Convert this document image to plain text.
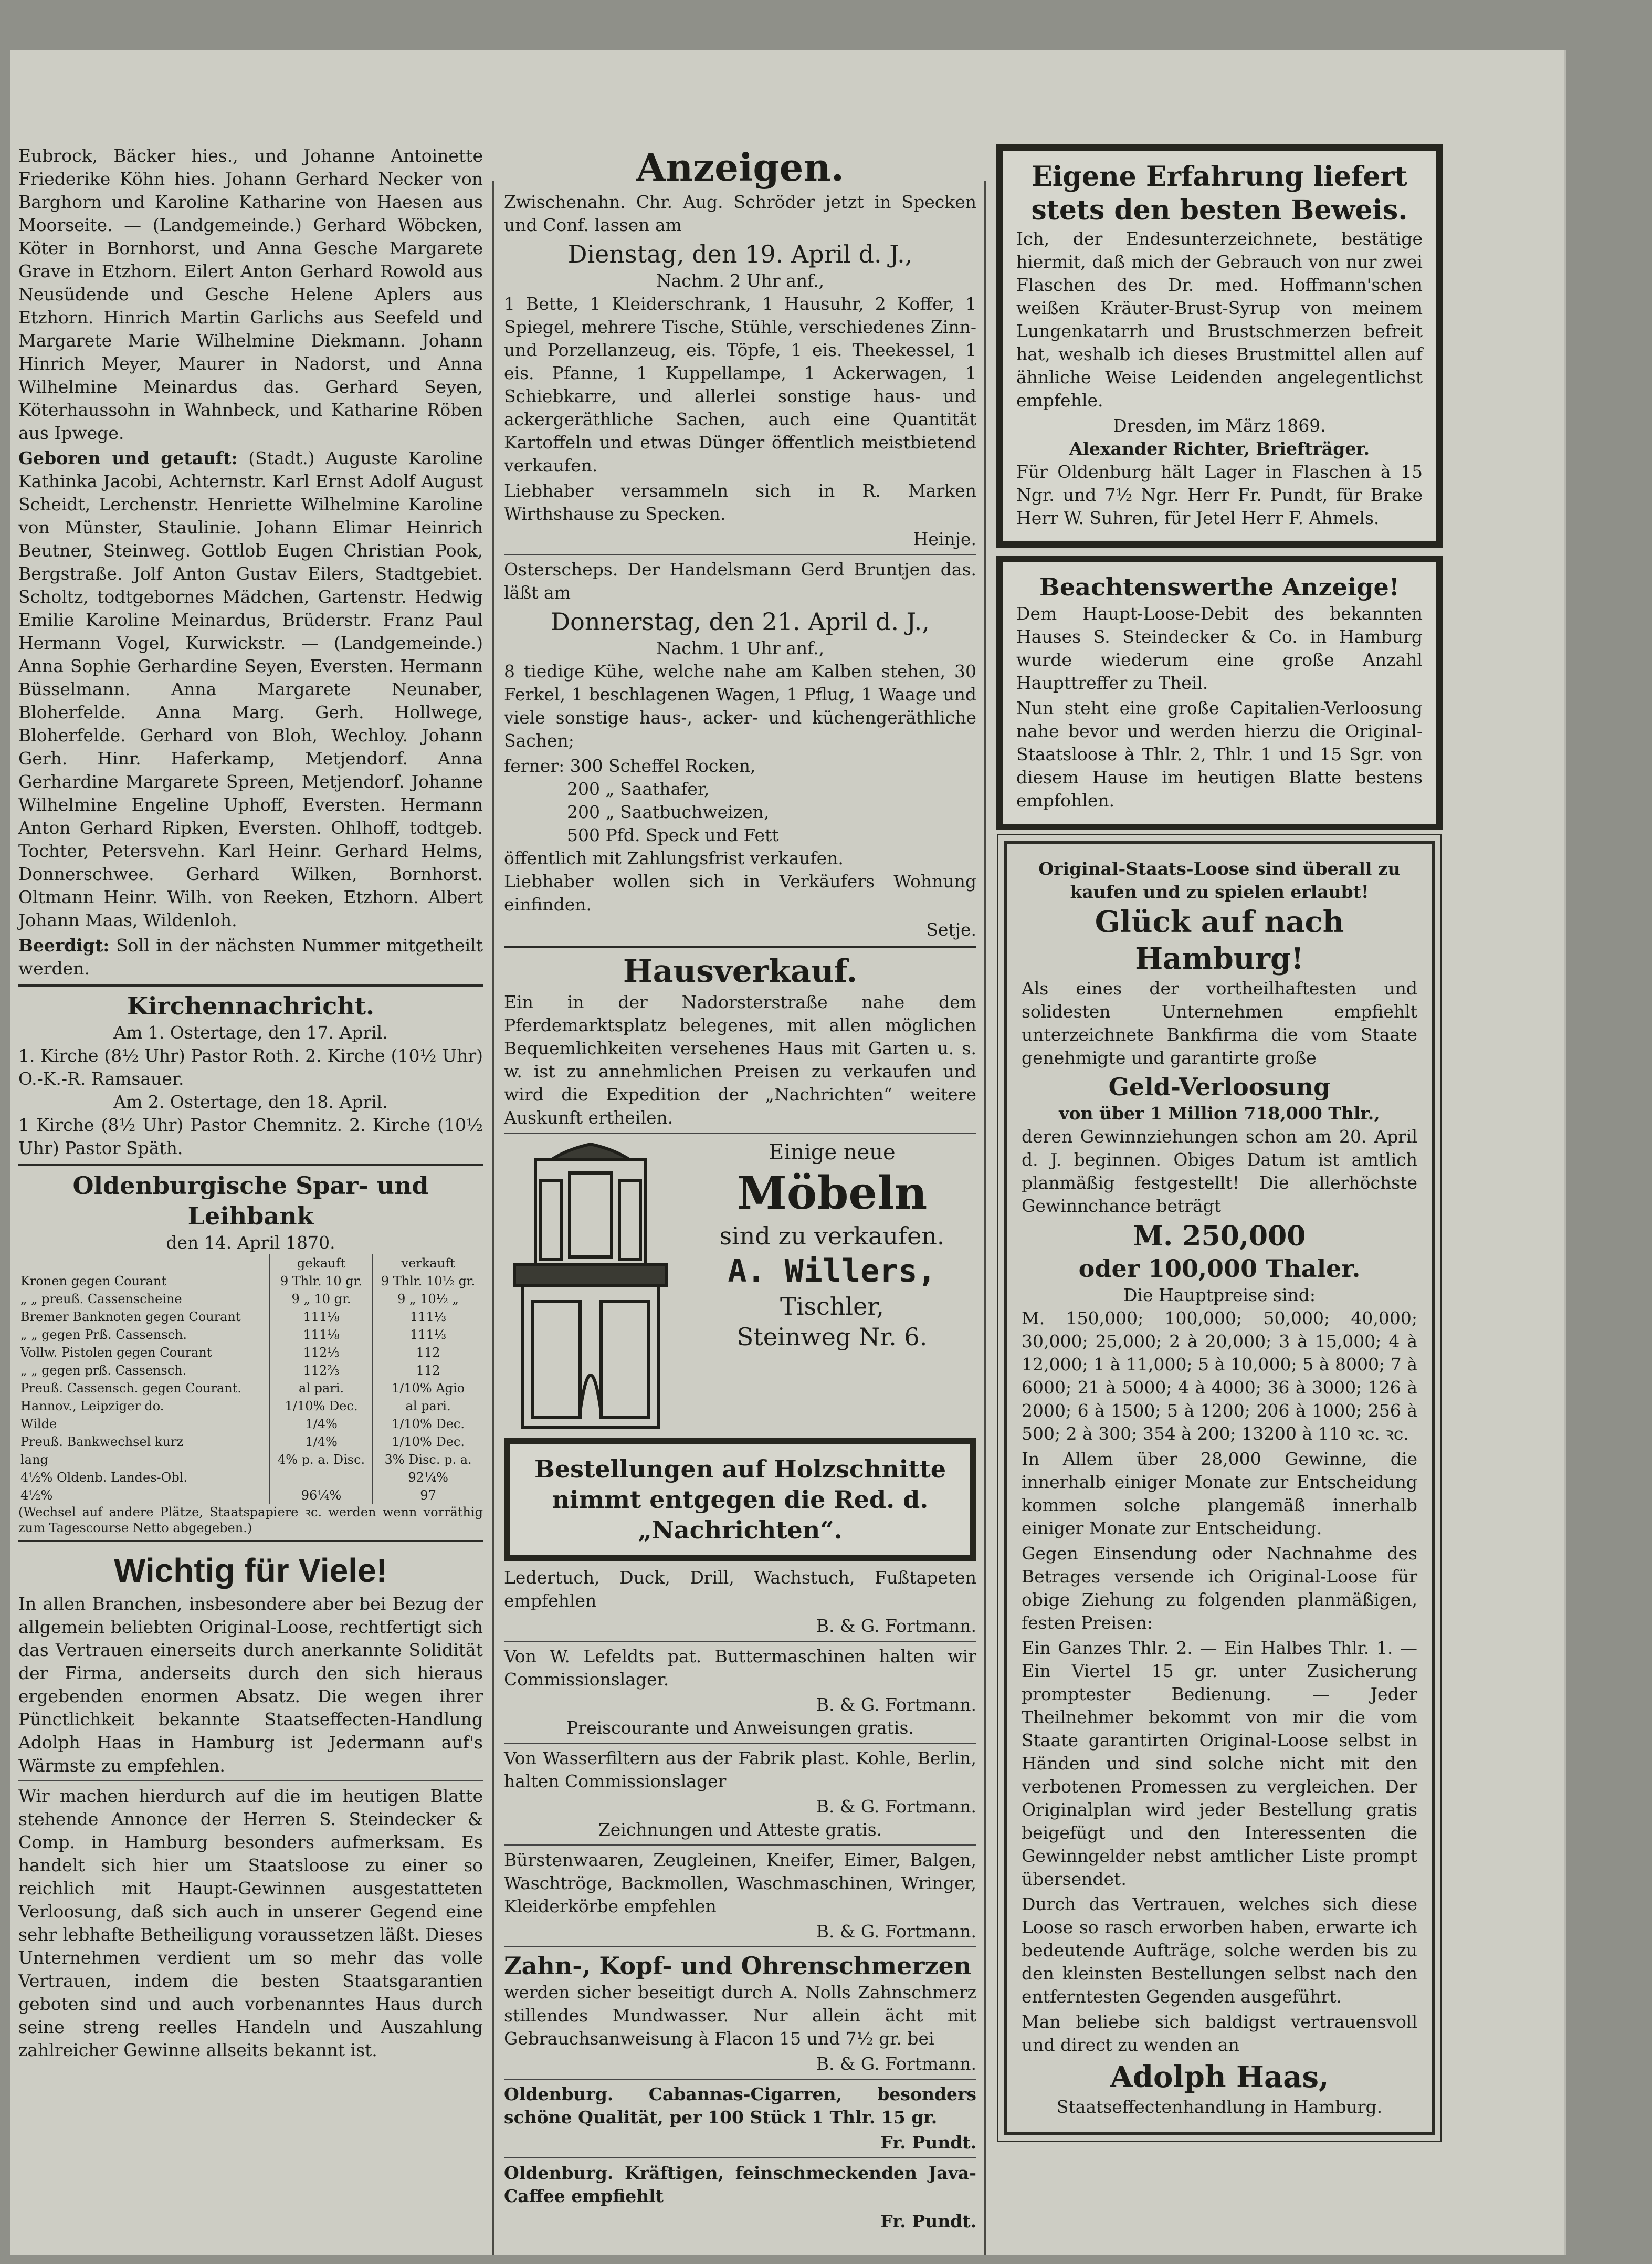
Eubrock, Bäcker hies., und Johanne Antoinette Friederike Köhn hies. Johann Gerhard Necker von Barghorn und Karoline Katharine von Haesen aus Moorseite. — (Landgemeinde.) Gerhard Wöbcken, Köter in Bornhorst, und Anna Gesche Margarete Grave in Etzhorn. Eilert Anton Gerhard Rowold aus Neusüdende und Gesche Helene Aplers aus Etzhorn. Hinrich Martin Garlichs aus Seefeld und Margarete Marie Wilhelmine Diekmann. Johann Hinrich Meyer, Maurer in Nadorst, und Anna Wilhelmine Meinardus das. Gerhard Seyen, Köterhaussohn in Wahnbeck, und Katharine Röben aus Ipwege.

Geboren und getauft: (Stadt.) Auguste Karoline Kathinka Jacobi, Achternstr. Karl Ernst Adolf August Scheidt, Lerchenstr. Henriette Wilhelmine Karoline von Münster, Staulinie. Johann Elimar Heinrich Beutner, Steinweg. Gottlob Eugen Christian Pook, Bergstraße. Jolf Anton Gustav Eilers, Stadtgebiet. Scholtz, todtgebornes Mädchen, Gartenstr. Hedwig Emilie Karoline Meinardus, Brüderstr. Franz Paul Hermann Vogel, Kurwickstr. — (Landgemeinde.) Anna Sophie Gerhardine Seyen, Eversten. Hermann Büsselmann. Anna Margarete Neunaber, Bloherfelde. Anna Marg. Gerh. Hollwege, Bloherfelde. Gerhard von Bloh, Wechloy. Johann Gerh. Hinr. Haferkamp, Metjendorf. Anna Gerhardine Margarete Spreen, Metjendorf. Johanne Wilhelmine Engeline Uphoff, Eversten. Hermann Anton Gerhard Ripken, Eversten. Ohlhoff, todtgeb. Tochter, Petersvehn. Karl Heinr. Gerhard Helms, Donnerschwee. Gerhard Wilken, Bornhorst. Oltmann Heinr. Wilh. von Reeken, Etzhorn. Albert Johann Maas, Wildenloh.

Beerdigt: Soll in der nächsten Nummer mitgetheilt werden.

Kirchennachricht.
Am 1. Ostertage, den 17. April.
1. Kirche (8½ Uhr) Pastor Roth. 2. Kirche (10½ Uhr) O.-K.-R. Ramsauer.
Am 2. Ostertage, den 18. April.
1 Kirche (8½ Uhr) Pastor Chemnitz. 2. Kirche (10½ Uhr) Pastor Späth.
Oldenburgische Spar- und Leihbank
den 14. April 1870.
	gekauft	verkauft
Kronen gegen Courant	9 Thlr. 10 gr.	9 Thlr. 10½ gr.
„ „ preuß. Cassenscheine	9 „ 10 gr.	9 „ 10½ „
Bremer Banknoten gegen Courant	111⅛	111⅓
„ „ gegen Prß. Cassensch.	111⅛	111⅓
Vollw. Pistolen gegen Courant	112⅓	112
„ „ gegen prß. Cassensch.	112⅔	112
Preuß. Cassensch. gegen Courant.	al pari.	1/10% Agio
Hannov., Leipziger do.	1/10% Dec.	al pari.
Wilde	1/4%	1/10% Dec.
Preuß. Bankwechsel kurz	1/4%	1/10% Dec.
lang	4% p. a. Disc.	3% Disc. p. a.
4½% Oldenb. Landes-Obl.		92¼%
4½%	96¼%	97
(Wechsel auf andere Plätze, Staatspapiere ꝛc. werden wenn vorräthig zum Tagescourse Netto abgegeben.)
Wichtig für Viele!

In allen Branchen, insbesondere aber bei Bezug der allgemein beliebten Original-Loose, rechtfertigt sich das Vertrauen einerseits durch anerkannte Solidität der Firma, anderseits durch den sich hieraus ergebenden enormen Absatz. Die wegen ihrer Pünctlichkeit bekannte Staatseffecten-Handlung Adolph Haas in Hamburg ist Jedermann auf's Wärmste zu empfehlen.

Wir machen hierdurch auf die im heutigen Blatte stehende Annonce der Herren S. Steindecker & Comp. in Hamburg besonders aufmerksam. Es handelt sich hier um Staatsloose zu einer so reichlich mit Haupt-Gewinnen ausgestatteten Verloosung, daß sich auch in unserer Gegend eine sehr lebhafte Betheiligung voraussetzen läßt. Dieses Unternehmen verdient um so mehr das volle Vertrauen, indem die besten Staatsgarantien geboten sind und auch vorbenanntes Haus durch seine streng reelles Handeln und Auszahlung zahlreicher Gewinne allseits bekannt ist.

Anzeigen.

Zwischenahn. Chr. Aug. Schröder jetzt in Specken und Conf. lassen am

Dienstag, den 19. April d. J.,
Nachm. 2 Uhr anf.,

1 Bette, 1 Kleiderschrank, 1 Hausuhr, 2 Koffer, 1 Spiegel, mehrere Tische, Stühle, verschiedenes Zinn- und Porzellanzeug, eis. Töpfe, 1 eis. Theekessel, 1 eis. Pfanne, 1 Kuppellampe, 1 Ackerwagen, 1 Schiebkarre, und allerlei sonstige haus- und ackergeräthliche Sachen, auch eine Quantität Kartoffeln und etwas Dünger öffentlich meistbietend verkaufen.

Liebhaber versammeln sich in R. Marken Wirthshause zu Specken.

Heinje.

Osterscheps. Der Handelsmann Gerd Bruntjen das. läßt am

Donnerstag, den 21. April d. J.,
Nachm. 1 Uhr anf.,

8 tiedige Kühe, welche nahe am Kalben stehen, 30 Ferkel, 1 beschlagenen Wagen, 1 Pflug, 1 Waage und viele sonstige haus-, acker- und küchengeräthliche Sachen;

ferner: 300 Scheffel Rocken,
200 „ Saathafer,
200 „ Saatbuchweizen,
500 Pfd. Speck und Fett
öffentlich mit Zahlungsfrist verkaufen.

Liebhaber wollen sich in Verkäufers Wohnung einfinden.

Setje.
Hausverkauf.

Ein in der Nadorsterstraße nahe dem Pferdemarktsplatz belegenes, mit allen möglichen Bequemlichkeiten versehenes Haus mit Garten u. s. w. ist zu annehmlichen Preisen zu verkaufen und wird die Expedition der „Nachrichten“ weitere Auskunft ertheilen.

Einige neue
Möbeln
sind zu verkaufen.
A. Willers,
Tischler,
Steinweg Nr. 6.
Bestellungen auf Holzschnitte nimmt entgegen die Red. d. „Nachrichten“.

Ledertuch, Duck, Drill, Wachstuch, Fußtapeten empfehlen

B. & G. Fortmann.

Von W. Lefeldts pat. Buttermaschinen halten wir Commissionslager.

B. & G. Fortmann.
Preiscourante und Anweisungen gratis.

Von Wasserfiltern aus der Fabrik plast. Kohle, Berlin, halten Commissionslager

B. & G. Fortmann.
Zeichnungen und Atteste gratis.

Bürstenwaaren, Zeugleinen, Kneifer, Eimer, Balgen, Waschtröge, Backmollen, Waschmaschinen, Wringer, Kleiderkörbe empfehlen

B. & G. Fortmann.
Zahn-, Kopf- und Ohrenschmerzen

werden sicher beseitigt durch A. Nolls Zahnschmerz stillendes Mundwasser. Nur allein ächt mit Gebrauchsanweisung à Flacon 15 und 7½ gr. bei

B. & G. Fortmann.

Oldenburg. Cabannas-Cigarren, besonders schöne Qualität, per 100 Stück 1 Thlr. 15 gr.

Fr. Pundt.

Oldenburg. Kräftigen, feinschmeckenden Java-Caffee empfiehlt

Fr. Pundt.
Eigene Erfahrung liefert stets den besten Beweis.

Ich, der Endesunterzeichnete, bestätige hiermit, daß mich der Gebrauch von nur zwei Flaschen des Dr. med. Hoffmann'schen weißen Kräuter-Brust-Syrup von meinem Lungenkatarrh und Brustschmerzen befreit hat, weshalb ich dieses Brustmittel allen auf ähnliche Weise Leidenden angelegentlichst empfehle.

Dresden, im März 1869.
Alexander Richter, Briefträger.

Für Oldenburg hält Lager in Flaschen à 15 Ngr. und 7½ Ngr. Herr Fr. Pundt, für Brake Herr W. Suhren, für Jetel Herr F. Ahmels.

Beachtenswerthe Anzeige!

Dem Haupt-Loose-Debit des bekannten Hauses S. Steindecker & Co. in Hamburg wurde wiederum eine große Anzahl Haupttreffer zu Theil.

Nun steht eine große Capitalien-Verloosung nahe bevor und werden hierzu die Original-Staatsloose à Thlr. 2, Thlr. 1 und 15 Sgr. von diesem Hause im heutigen Blatte bestens empfohlen.

Original-Staats-Loose sind überall zu kaufen und zu spielen erlaubt!
Glück auf nach Hamburg!

Als eines der vortheilhaftesten und solidesten Unternehmen empfiehlt unterzeichnete Bankfirma die vom Staate genehmigte und garantirte große

Geld-Verloosung
von über 1 Million 718,000 Thlr.,

deren Gewinnziehungen schon am 20. April d. J. beginnen. Obiges Datum ist amtlich planmäßig festgestellt! Die allerhöchste Gewinnchance beträgt

M. 250,000
oder 100,000 Thaler.
Die Hauptpreise sind:

M. 150,000; 100,000; 50,000; 40,000; 30,000; 25,000; 2 à 20,000; 3 à 15,000; 4 à 12,000; 1 à 11,000; 5 à 10,000; 5 à 8000; 7 à 6000; 21 à 5000; 4 à 4000; 36 à 3000; 126 à 2000; 6 à 1500; 5 à 1200; 206 à 1000; 256 à 500; 2 à 300; 354 à 200; 13200 à 110 ꝛc. ꝛc.

In Allem über 28,000 Gewinne, die innerhalb einiger Monate zur Entscheidung kommen solche plangemäß innerhalb einiger Monate zur Entscheidung.

Gegen Einsendung oder Nachnahme des Betrages versende ich Original-Loose für obige Ziehung zu folgenden planmäßigen, festen Preisen:

Ein Ganzes Thlr. 2. — Ein Halbes Thlr. 1. — Ein Viertel 15 gr. unter Zusicherung promptester Bedienung. — Jeder Theilnehmer bekommt von mir die vom Staate garantirten Original-Loose selbst in Händen und sind solche nicht mit den verbotenen Promessen zu vergleichen. Der Originalplan wird jeder Bestellung gratis beigefügt und den Interessenten die Gewinngelder nebst amtlicher Liste prompt übersendet.

Durch das Vertrauen, welches sich diese Loose so rasch erworben haben, erwarte ich bedeutende Aufträge, solche werden bis zu den kleinsten Bestellungen selbst nach den entferntesten Gegenden ausgeführt.

Man beliebe sich baldigst vertrauensvoll und direct zu wenden an

Adolph Haas,
Staatseffectenhandlung in Hamburg.
